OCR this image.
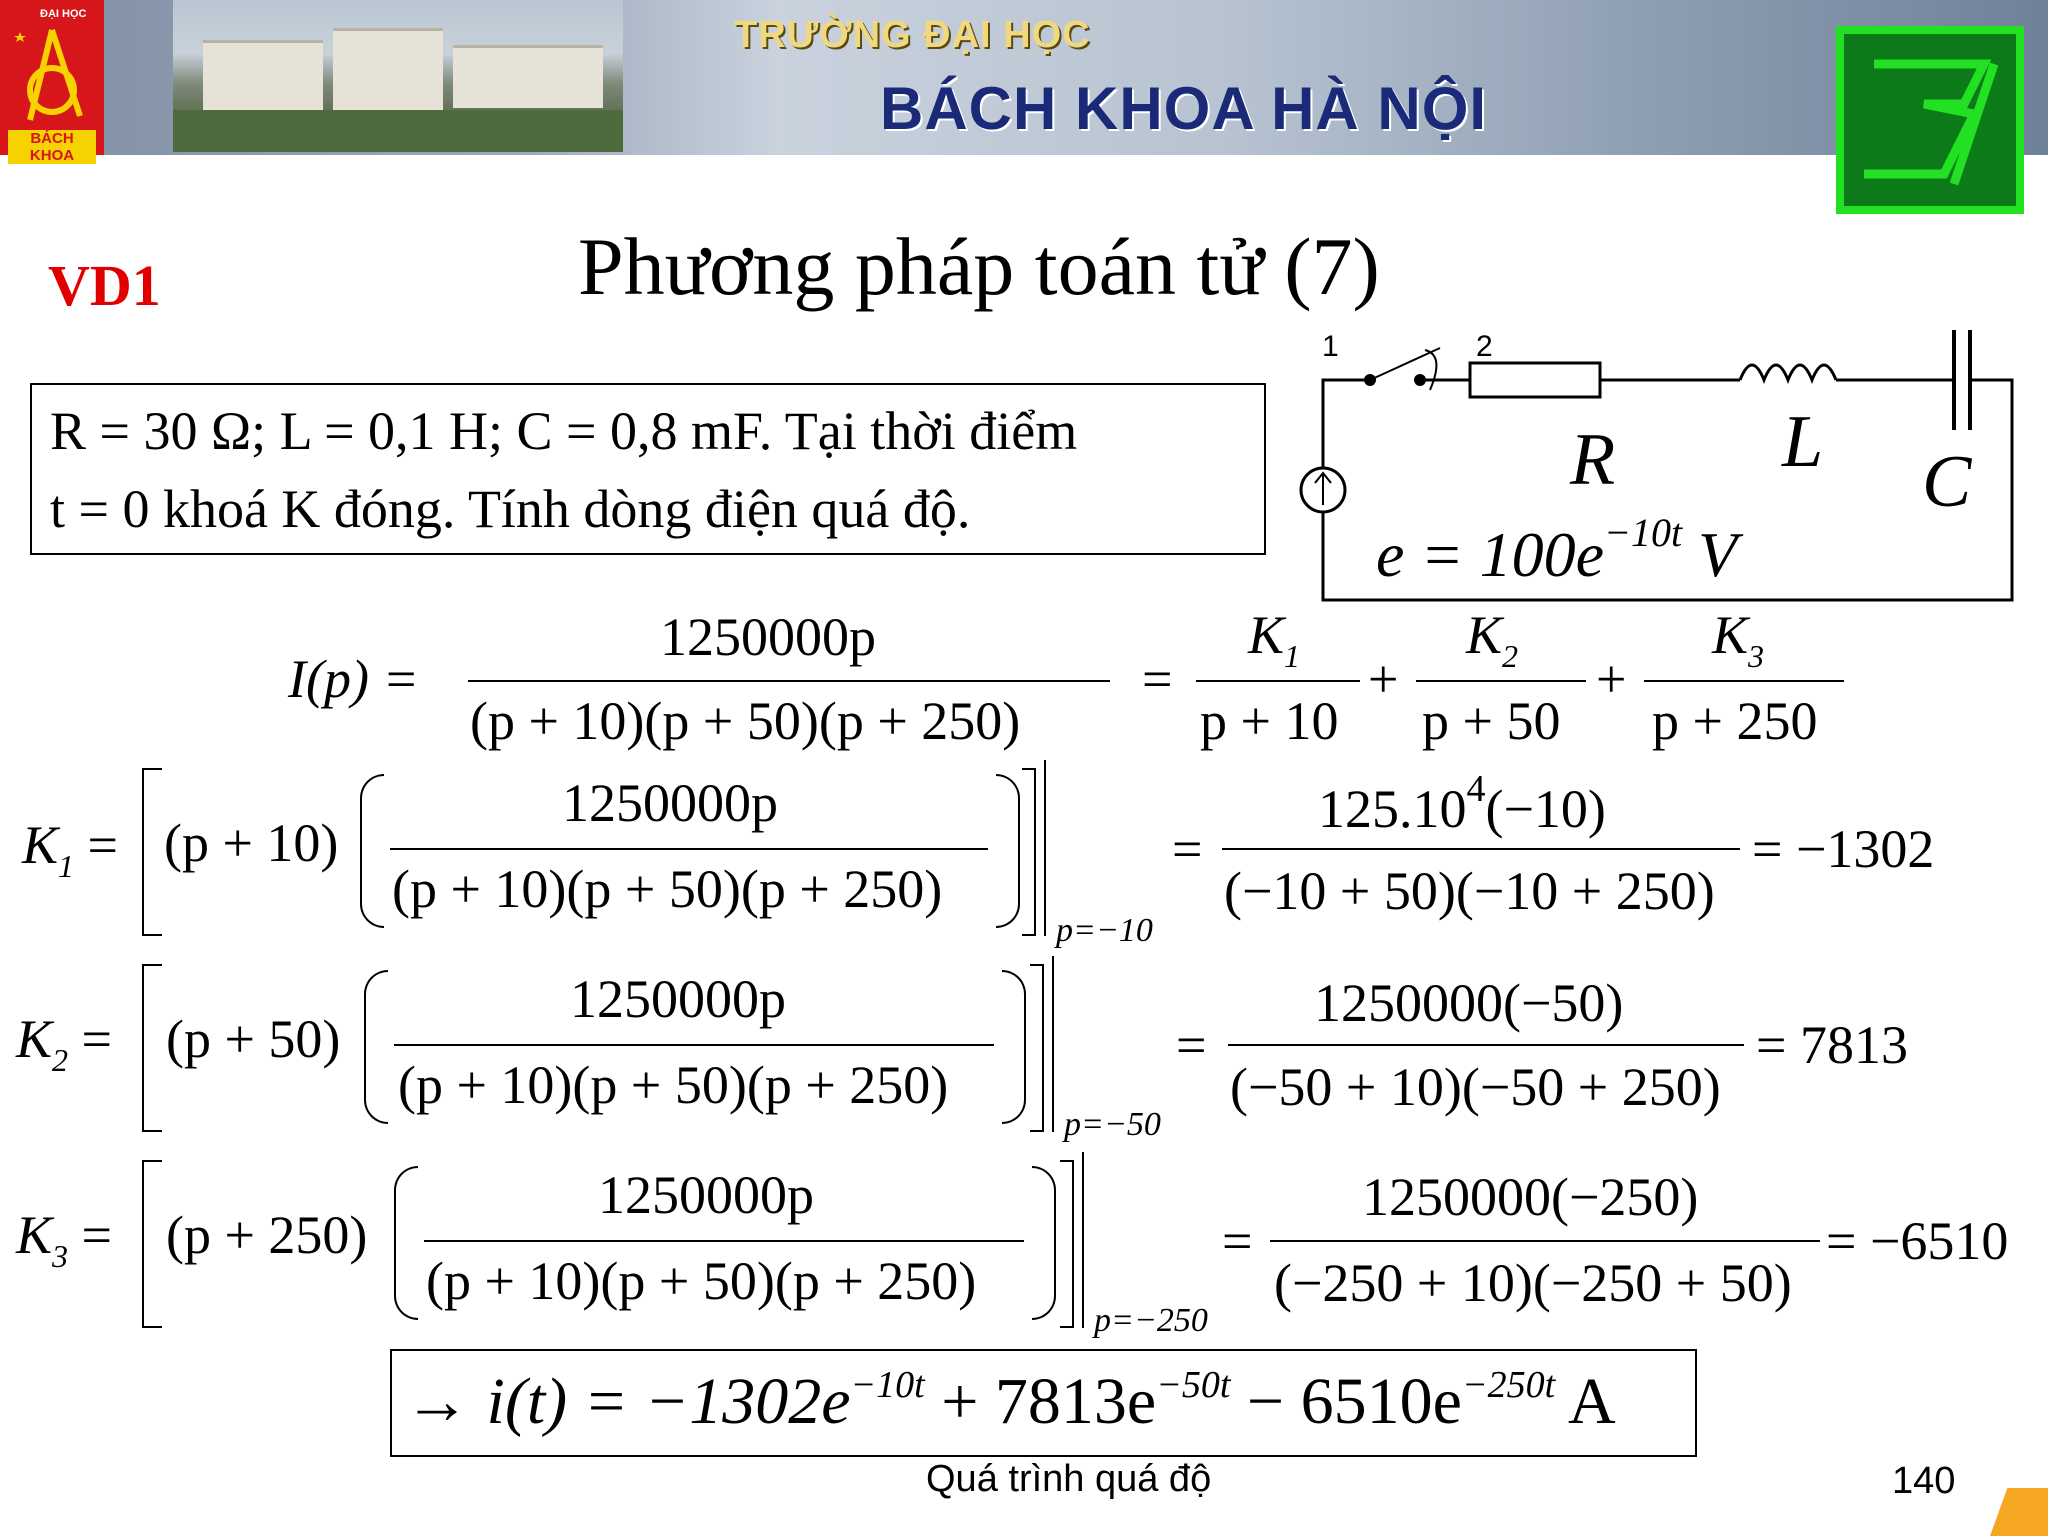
ĐẠI HỌC
BÁCH KHOA
TRƯỜNG ĐẠI HỌC
BÁCH KHOA HÀ NỘI
VD1	Phương pháp toán tử (7)
R = 30 Ω; L = 0,1 H; C = 0,8 mF. Tại thời điểm
t = 0 khoá K đóng. Tính dòng điện quá độ.
1	2
R L C
$e = 100e^{-10t}$ V
I(p) =
1250000p
(p + 10)(p + 50)(p + 250)
=
$K_1$
p + 10
+
$K_2$
p + 50
+
$K_3$
p + 250
$K_1 = (p + 10)$
1250000p
(p + 10)(p + 50)(p + 250)
p=−10
=
$125.10^4(-10)$
(−10 + 50)(−10 + 250)
= −1302
$K_2 = (p + 50)$
1250000p
(p + 10)(p + 50)(p + 250)
p=−50
=
1250000(−50)
(−50 + 10)(−50 + 250)
= 7813
$K_3 = (p + 250)$
1250000p
(p + 10)(p + 50)(p + 250)
p=−250
=
1250000(−250)
(−250 + 10)(−250 + 50)
= −6510
→ $i(t) = -1302e^{-10t} + 7813e^{-50t} - 6510e^{-250t}$ A
Quá trình quá độ	140
